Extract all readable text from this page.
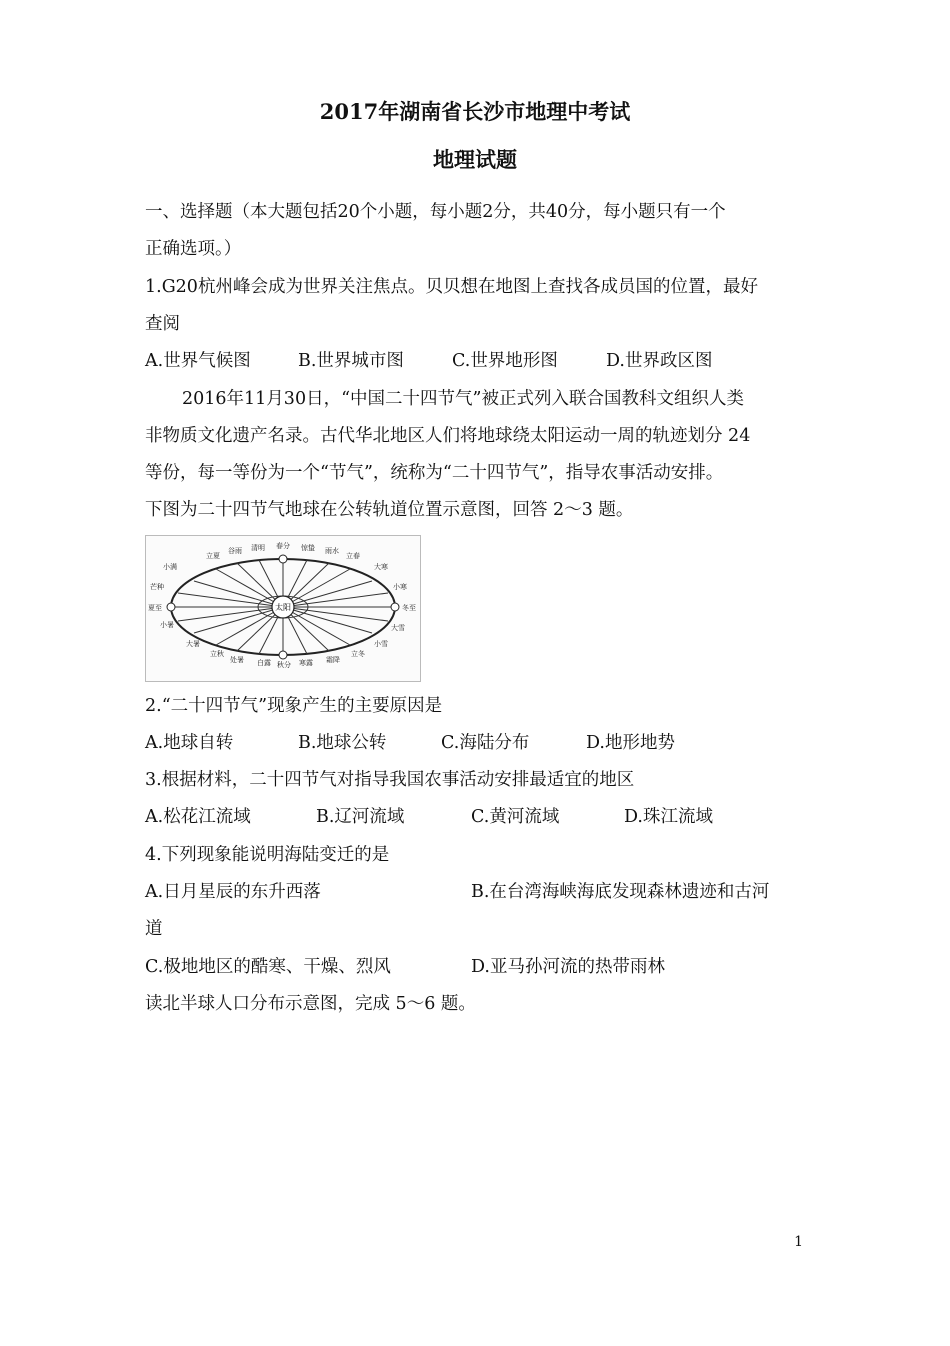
2017年湖南省长沙市地理中考试
地理试题
一、选择题（本大题包括20个小题，每小题2分，共40分，每小题只有一个
正确选项。）
1.G20杭州峰会成为世界关注焦点。贝贝想在地图上查找各成员国的位置，最好
查阅
A.世界气候图	B.世界城市图	C.世界地形图	D.世界政区图
2016年11月30日，“中国二十四节气”被正式列入联合国教科文组织人类
非物质文化遗产名录。古代华北地区人们将地球绕太阳运动一周的轨迹划分 24
等份，每一等份为一个“节气”，统称为“二十四节气”，指导农事活动安排。
下图为二十四节气地球在公转轨道位置示意图，回答 2～3 题。
太阳
立夏
谷雨 清明 春分 惊蛰 雨水
立春
小满
芒种
夏至
小暑
大寒
小寒
冬至
大雪
大暑
立秋
处暑 白露 秋分 寒露 霜降
立冬
小雪
2.“二十四节气”现象产生的主要原因是
A.地球自转	B.地球公转	C.海陆分布	D.地形地势
3.根据材料，二十四节气对指导我国农事活动安排最适宜的地区
A.松花江流域	B.辽河流域	C.黄河流域	D.珠江流域
4.下列现象能说明海陆变迁的是
A.日月星辰的东升西落	B.在台湾海峡海底发现森林遗迹和古河
道
C.极地地区的酷寒、干燥、烈风	D.亚马孙河流的热带雨林
读北半球人口分布示意图，完成 5～6 题。
1
